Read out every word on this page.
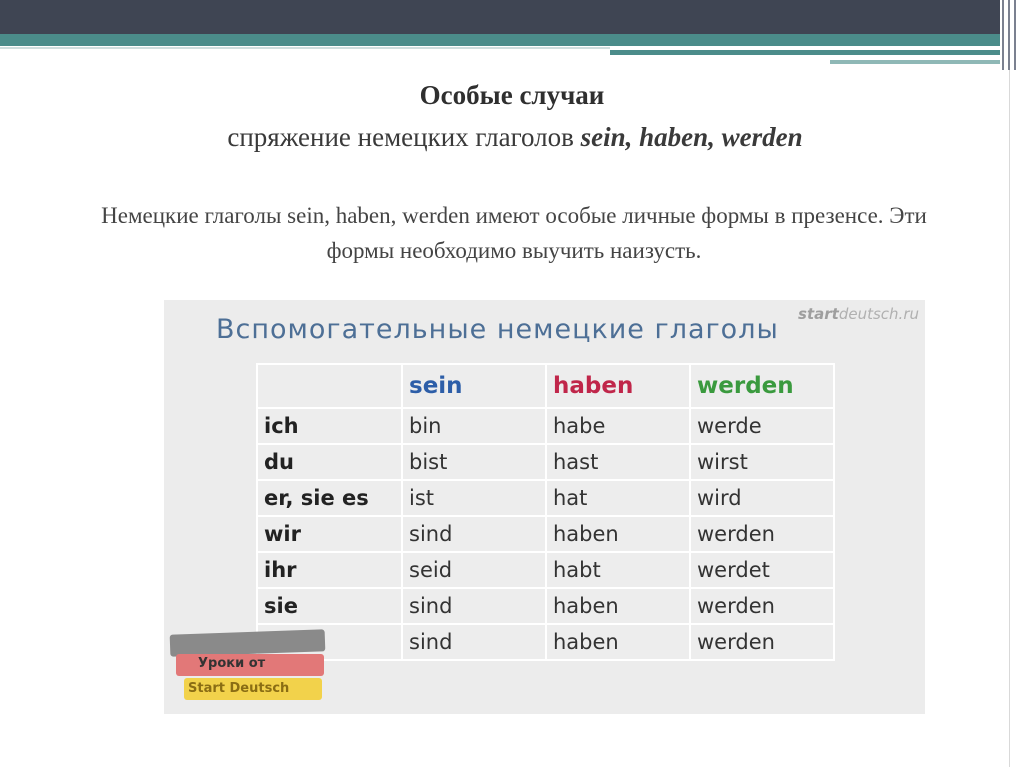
Особые случаи
спряжение немецких глаголов sein, haben, werden
Немецкие глаголы sein, haben, werden имеют особые личные формы в презенсе. Эти формы необходимо выучить наизусть.
Вспомогательные немецкие глаголы startdeutsch.ru
	sein	haben	werden
ich	bin	habe	werde
du	bist	hast	wirst
er, sie es	ist	hat	wird
wir	sind	haben	werden
ihr	seid	habt	werdet
sie	sind	haben	werden
	sind	haben	werden
Уроки от
Start Deutsch
